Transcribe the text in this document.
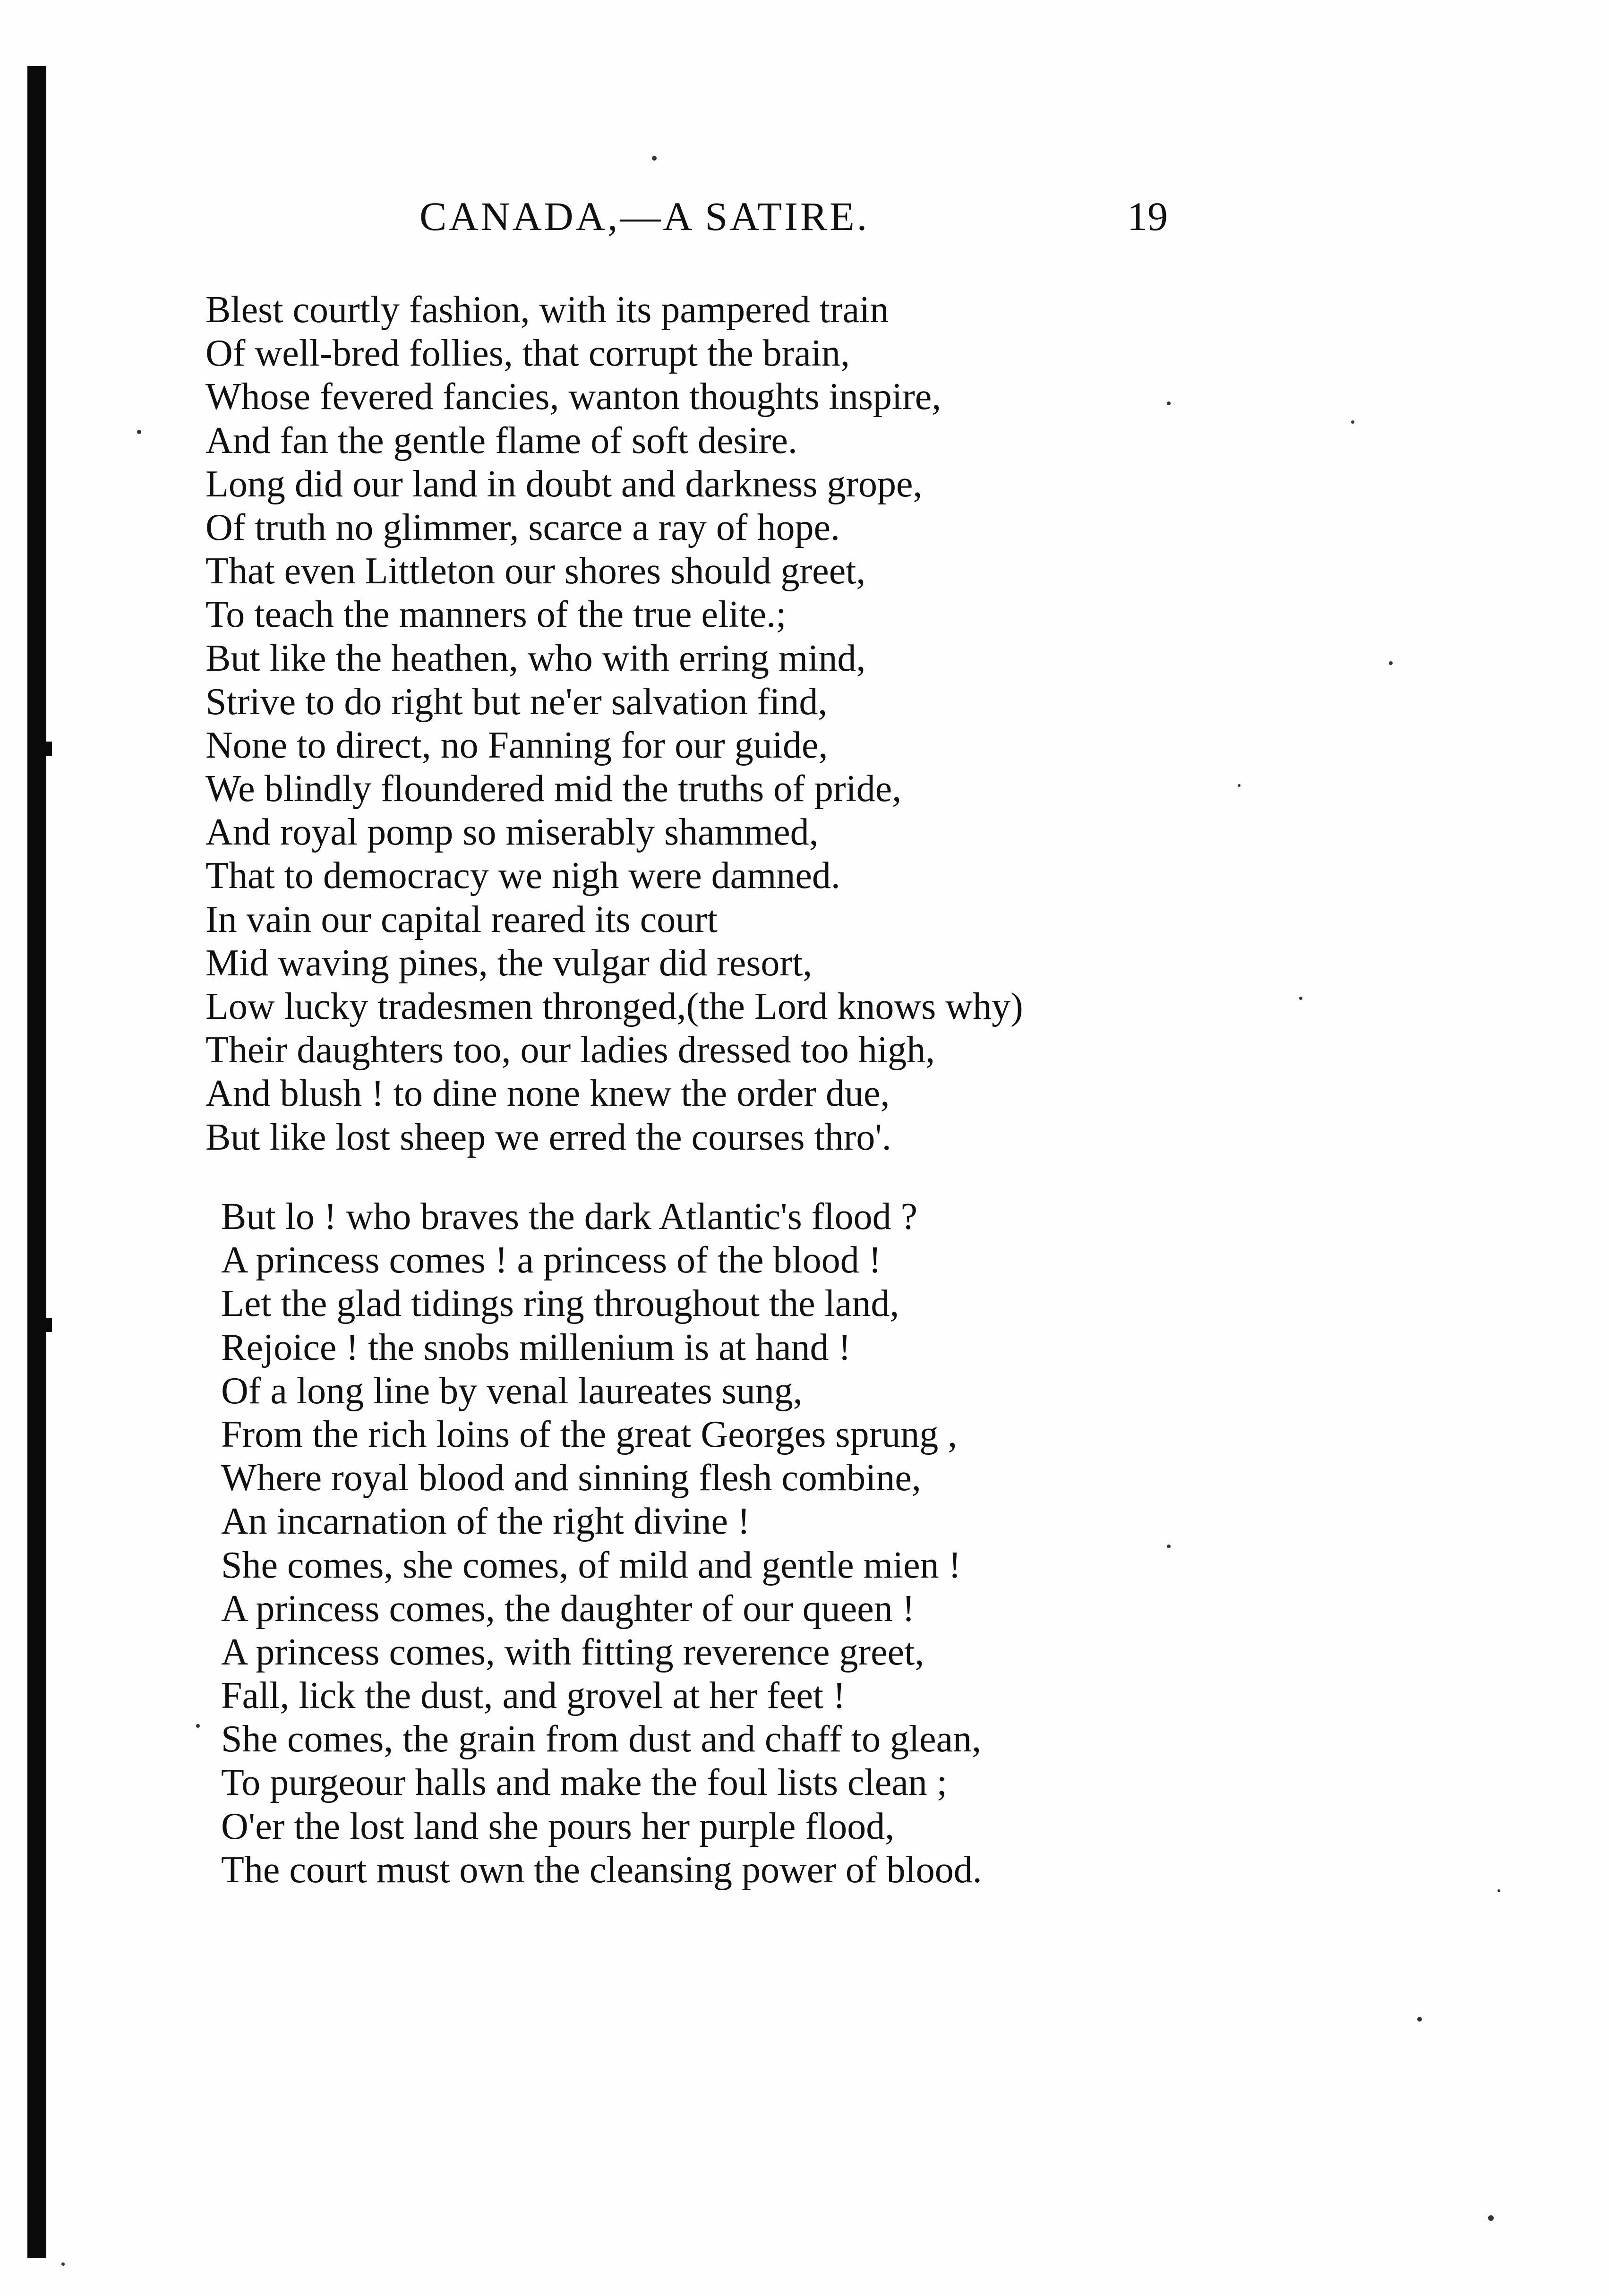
CANADA,—A SATIRE.	19
Blest courtly fashion, with its pampered train
Of well-bred follies, that corrupt the brain,
Whose fevered fancies, wanton thoughts inspire,
And fan the gentle flame of soft desire.
Long did our land in doubt and darkness grope,
Of truth no glimmer, scarce a ray of hope.
That even Littleton our shores should greet,
To teach the manners of the true elite.;
But like the heathen, who with erring mind,
Strive to do right but ne'er salvation find,
None to direct, no Fanning for our guide,
We blindly floundered mid the truths of pride,
And royal pomp so miserably shammed,
That to democracy we nigh were damned.
In vain our capital reared its court
Mid waving pines, the vulgar did resort,
Low lucky tradesmen thronged,(the Lord knows why)
Their daughters too, our ladies dressed too high,
And blush ! to dine none knew the order due,
But like lost sheep we erred the courses thro'.
But lo ! who braves the dark Atlantic's flood ?
A princess comes ! a princess of the blood !
Let the glad tidings ring throughout the land,
Rejoice ! the snobs millenium is at hand !
Of a long line by venal laureates sung,
From the rich loins of the great Georges sprung ,
Where royal blood and sinning flesh combine,
An incarnation of the right divine !
She comes, she comes, of mild and gentle mien !
A princess comes, the daughter of our queen !
A princess comes, with fitting reverence greet,
Fall, lick the dust, and grovel at her feet !
She comes, the grain from dust and chaff to glean,
To purgeour halls and make the foul lists clean ;
O'er the lost land she pours her purple flood,
The court must own the cleansing power of blood.
